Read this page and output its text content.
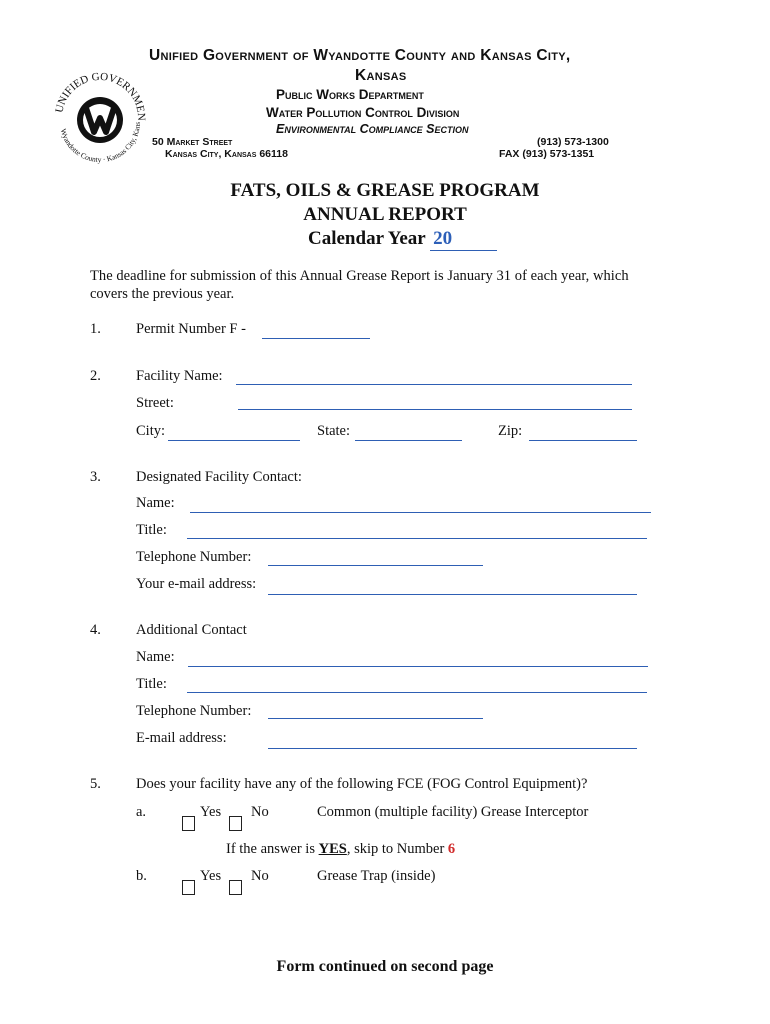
UNIFIED GOVERNMEN
Wyandotte County · Kansas City, Kans
Unified Government of Wyandotte County and Kansas City,
Kansas
Public Works Department
Water Pollution Control Division
Environmental Compliance Section
50 Market Street
Kansas City, Kansas 66118
(913) 573-1300
FAX (913) 573-1351
FATS, OILS & GREASE PROGRAM
ANNUAL REPORT
Calendar Year 20
The deadline for submission of this Annual Grease Report is January 31 of each year, which
covers the previous year.
1. Permit Number F -
2. Facility Name:
Street:
City:	State:	Zip:
3. Designated Facility Contact:
Name:
Title:
Telephone Number:
Your e-mail address:
4. Additional Contact
Name:
Title:
Telephone Number:
E-mail address:
5. Does your facility have any of the following FCE (FOG Control Equipment)?
a.	Yes No	Common (multiple facility) Grease Interceptor
If the answer is YES, skip to Number 6
b.	Yes No	Grease Trap (inside)
Form continued on second page
